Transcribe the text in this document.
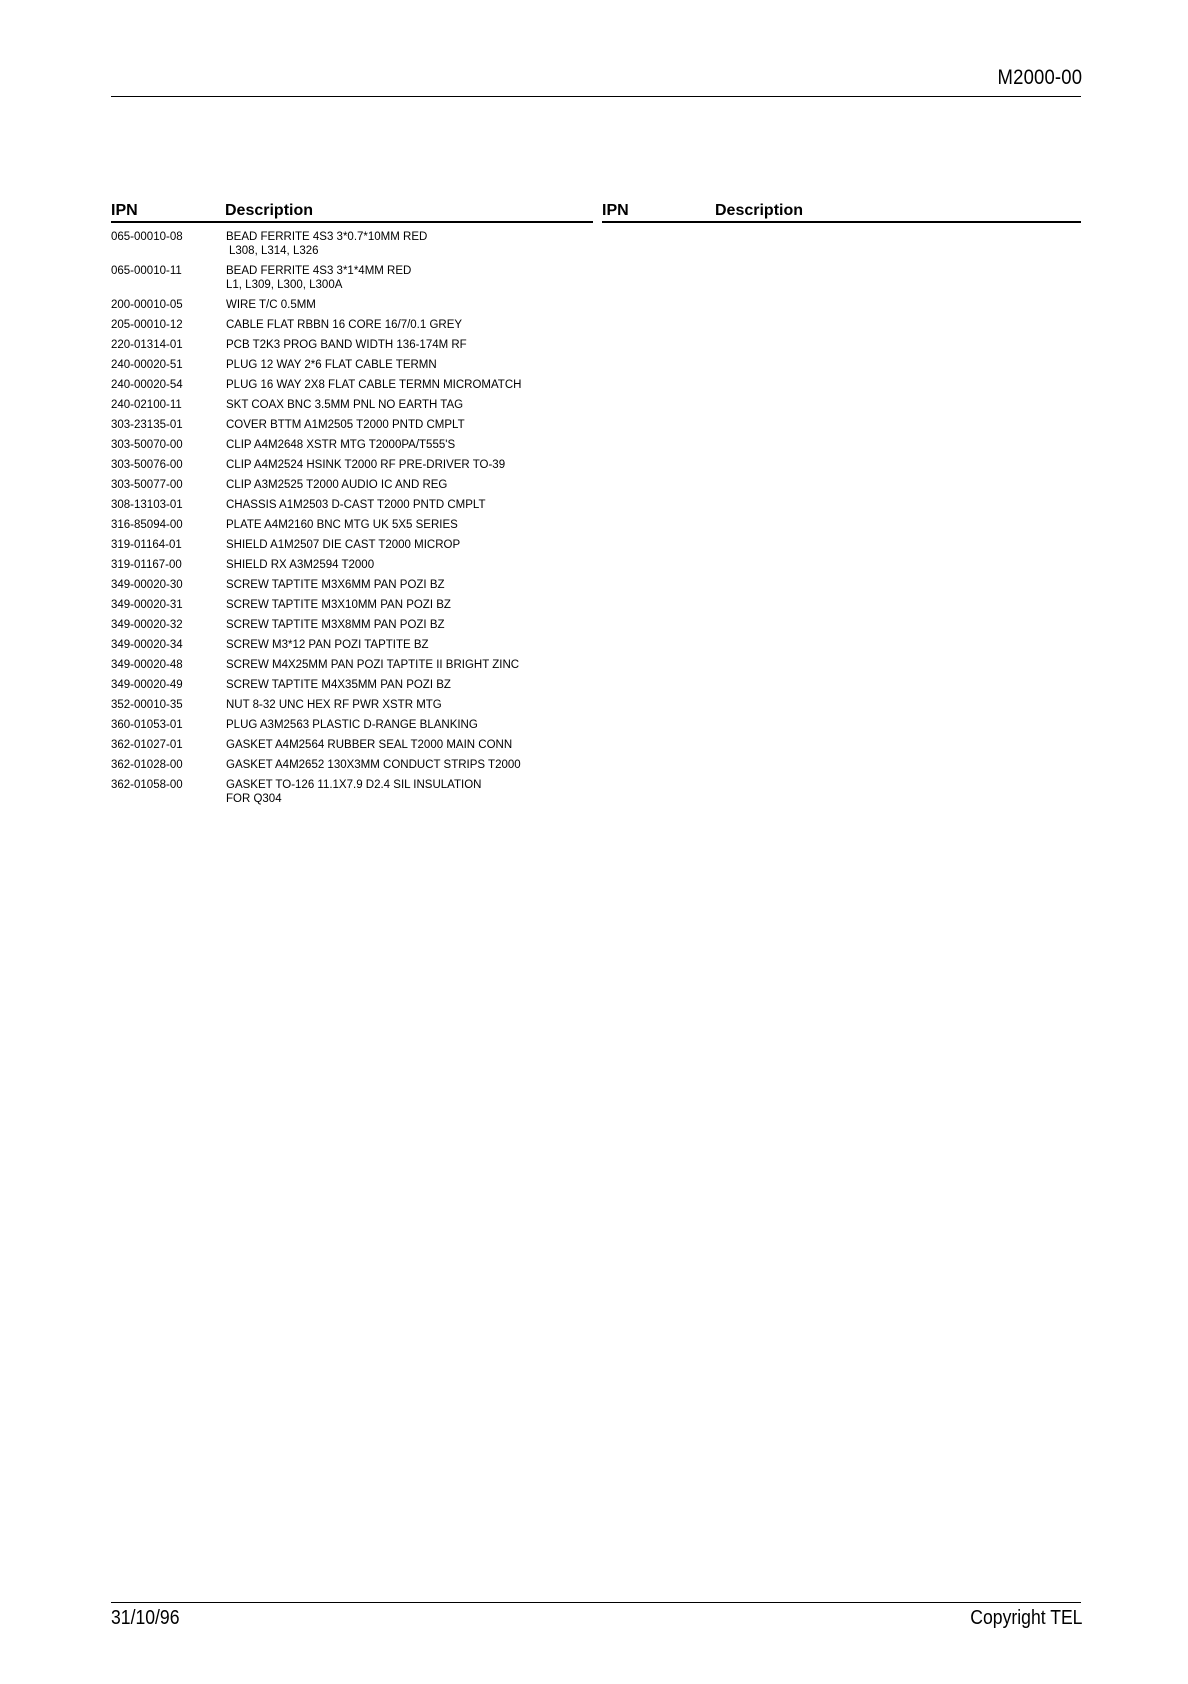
M2000-00
IPN	Description	IPN	Description
065-00010-08	BEAD FERRITE 4S3 3*0.7*10MM RED
L308, L314, L326
065-00010-11	BEAD FERRITE 4S3 3*1*4MM RED
L1, L309, L300, L300A
200-00010-05	WIRE T/C 0.5MM
205-00010-12	CABLE FLAT RBBN 16 CORE 16/7/0.1 GREY
220-01314-01	PCB T2K3 PROG BAND WIDTH 136-174M RF
240-00020-51	PLUG 12 WAY 2*6 FLAT CABLE TERMN
240-00020-54	PLUG 16 WAY 2X8 FLAT CABLE TERMN MICROMATCH
240-02100-11	SKT COAX BNC 3.5MM PNL NO EARTH TAG
303-23135-01	COVER BTTM A1M2505 T2000 PNTD CMPLT
303-50070-00	CLIP A4M2648 XSTR MTG T2000PA/T555'S
303-50076-00	CLIP A4M2524 HSINK T2000 RF PRE-DRIVER TO-39
303-50077-00	CLIP A3M2525 T2000 AUDIO IC AND REG
308-13103-01	CHASSIS A1M2503 D-CAST T2000 PNTD CMPLT
316-85094-00	PLATE A4M2160 BNC MTG UK 5X5 SERIES
319-01164-01	SHIELD A1M2507 DIE CAST T2000 MICROP
319-01167-00	SHIELD RX A3M2594 T2000
349-00020-30	SCREW TAPTITE M3X6MM PAN POZI BZ
349-00020-31	SCREW TAPTITE M3X10MM PAN POZI BZ
349-00020-32	SCREW TAPTITE M3X8MM PAN POZI BZ
349-00020-34	SCREW M3*12 PAN POZI TAPTITE BZ
349-00020-48	SCREW M4X25MM PAN POZI TAPTITE II BRIGHT ZINC
349-00020-49	SCREW TAPTITE M4X35MM PAN POZI BZ
352-00010-35	NUT 8-32 UNC HEX RF PWR XSTR MTG
360-01053-01	PLUG A3M2563 PLASTIC D-RANGE BLANKING
362-01027-01	GASKET A4M2564 RUBBER SEAL T2000 MAIN CONN
362-01028-00	GASKET A4M2652 130X3MM CONDUCT STRIPS T2000
362-01058-00	GASKET TO-126 11.1X7.9 D2.4 SIL INSULATION
FOR Q304
31/10/96	Copyright TEL
